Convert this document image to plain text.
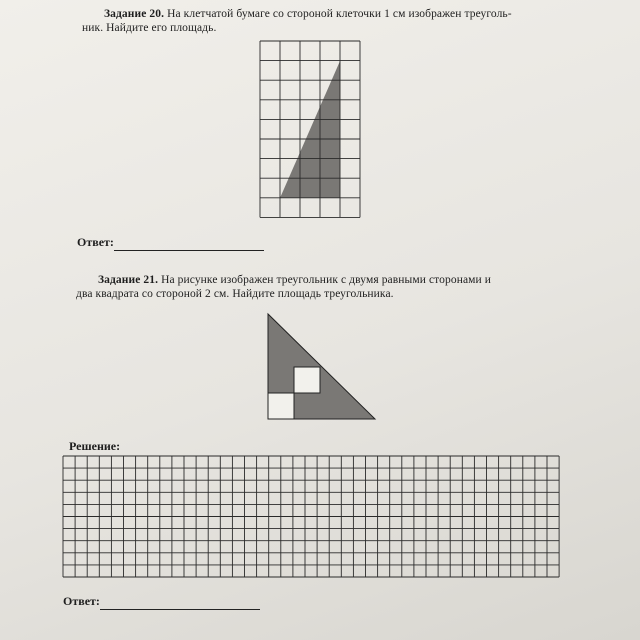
Задание 20. На клетчатой бумаге со стороной клеточки 1 см изображен треуголь-
ник. Найдите его площадь.
Ответ:
Задание 21. На рисунке изображен треугольник с двумя равными сторонами и
два квадрата со стороной 2 см. Найдите площадь треугольника.
Решение:
Ответ:
